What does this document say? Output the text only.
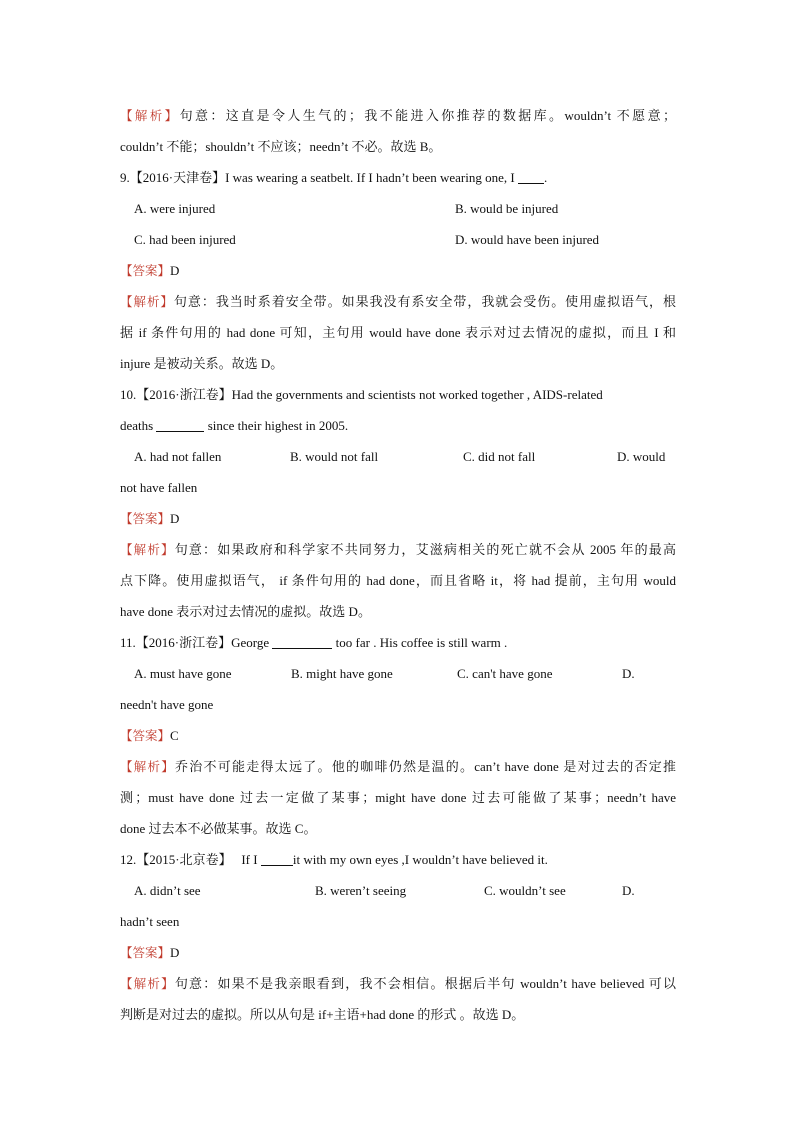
【解析】句意：这直是令人生气的；我不能进入你推荐的数据库。wouldn’t 不愿意；
couldn’t 不能；shouldn’t 不应该；needn’t 不必。故选 B。
9.【2016·天津卷】I was wearing a seatbelt. If I hadn’t been wearing one, I .
A. were injured	B. would be injured
C. had been injured	D. would have been injured
【答案】D
【解析】句意：我当时系着安全带。如果我没有系安全带，我就会受伤。使用虚拟语气，根
据 if 条件句用的 had done 可知，主句用 would have done 表示对过去情况的虚拟，而且 I 和
injure 是被动关系。故选 D。
10.【2016·浙江卷】Had the governments and scientists not worked together , AIDS-related
deaths	since their highest in 2005.
A. had not fallen	B. would not fall	C. did not fall	D. would
not have fallen
【答案】D
【解析】句意：如果政府和科学家不共同努力，艾滋病相关的死亡就不会从 2005 年的最高
点下降。使用虚拟语气， if 条件句用的 had done，而且省略 it，将 had 提前，主句用 would
have done 表示对过去情况的虚拟。故选 D。
11.【2016·浙江卷】George	too far . His coffee is still warm .
A. must have gone	B. might have gone	C. can't have gone	D.
needn't have gone
【答案】C
【解析】乔治不可能走得太远了。他的咖啡仍然是温的。can’t have done 是对过去的否定推
测；must have done 过去一定做了某事；might have done 过去可能做了某事；needn’t have
done 过去本不必做某事。故选 C。
12.【2015·北京卷】 If I	it with my own eyes ,I wouldn’t have believed it.
A. didn’t see	B. weren’t seeing	C. wouldn’t see	D.
hadn’t seen
【答案】D
【解析】句意：如果不是我亲眼看到，我不会相信。根据后半句 wouldn’t have believed 可以
判断是对过去的虚拟。所以从句是 if+主语+had done 的形式 。故选 D。
